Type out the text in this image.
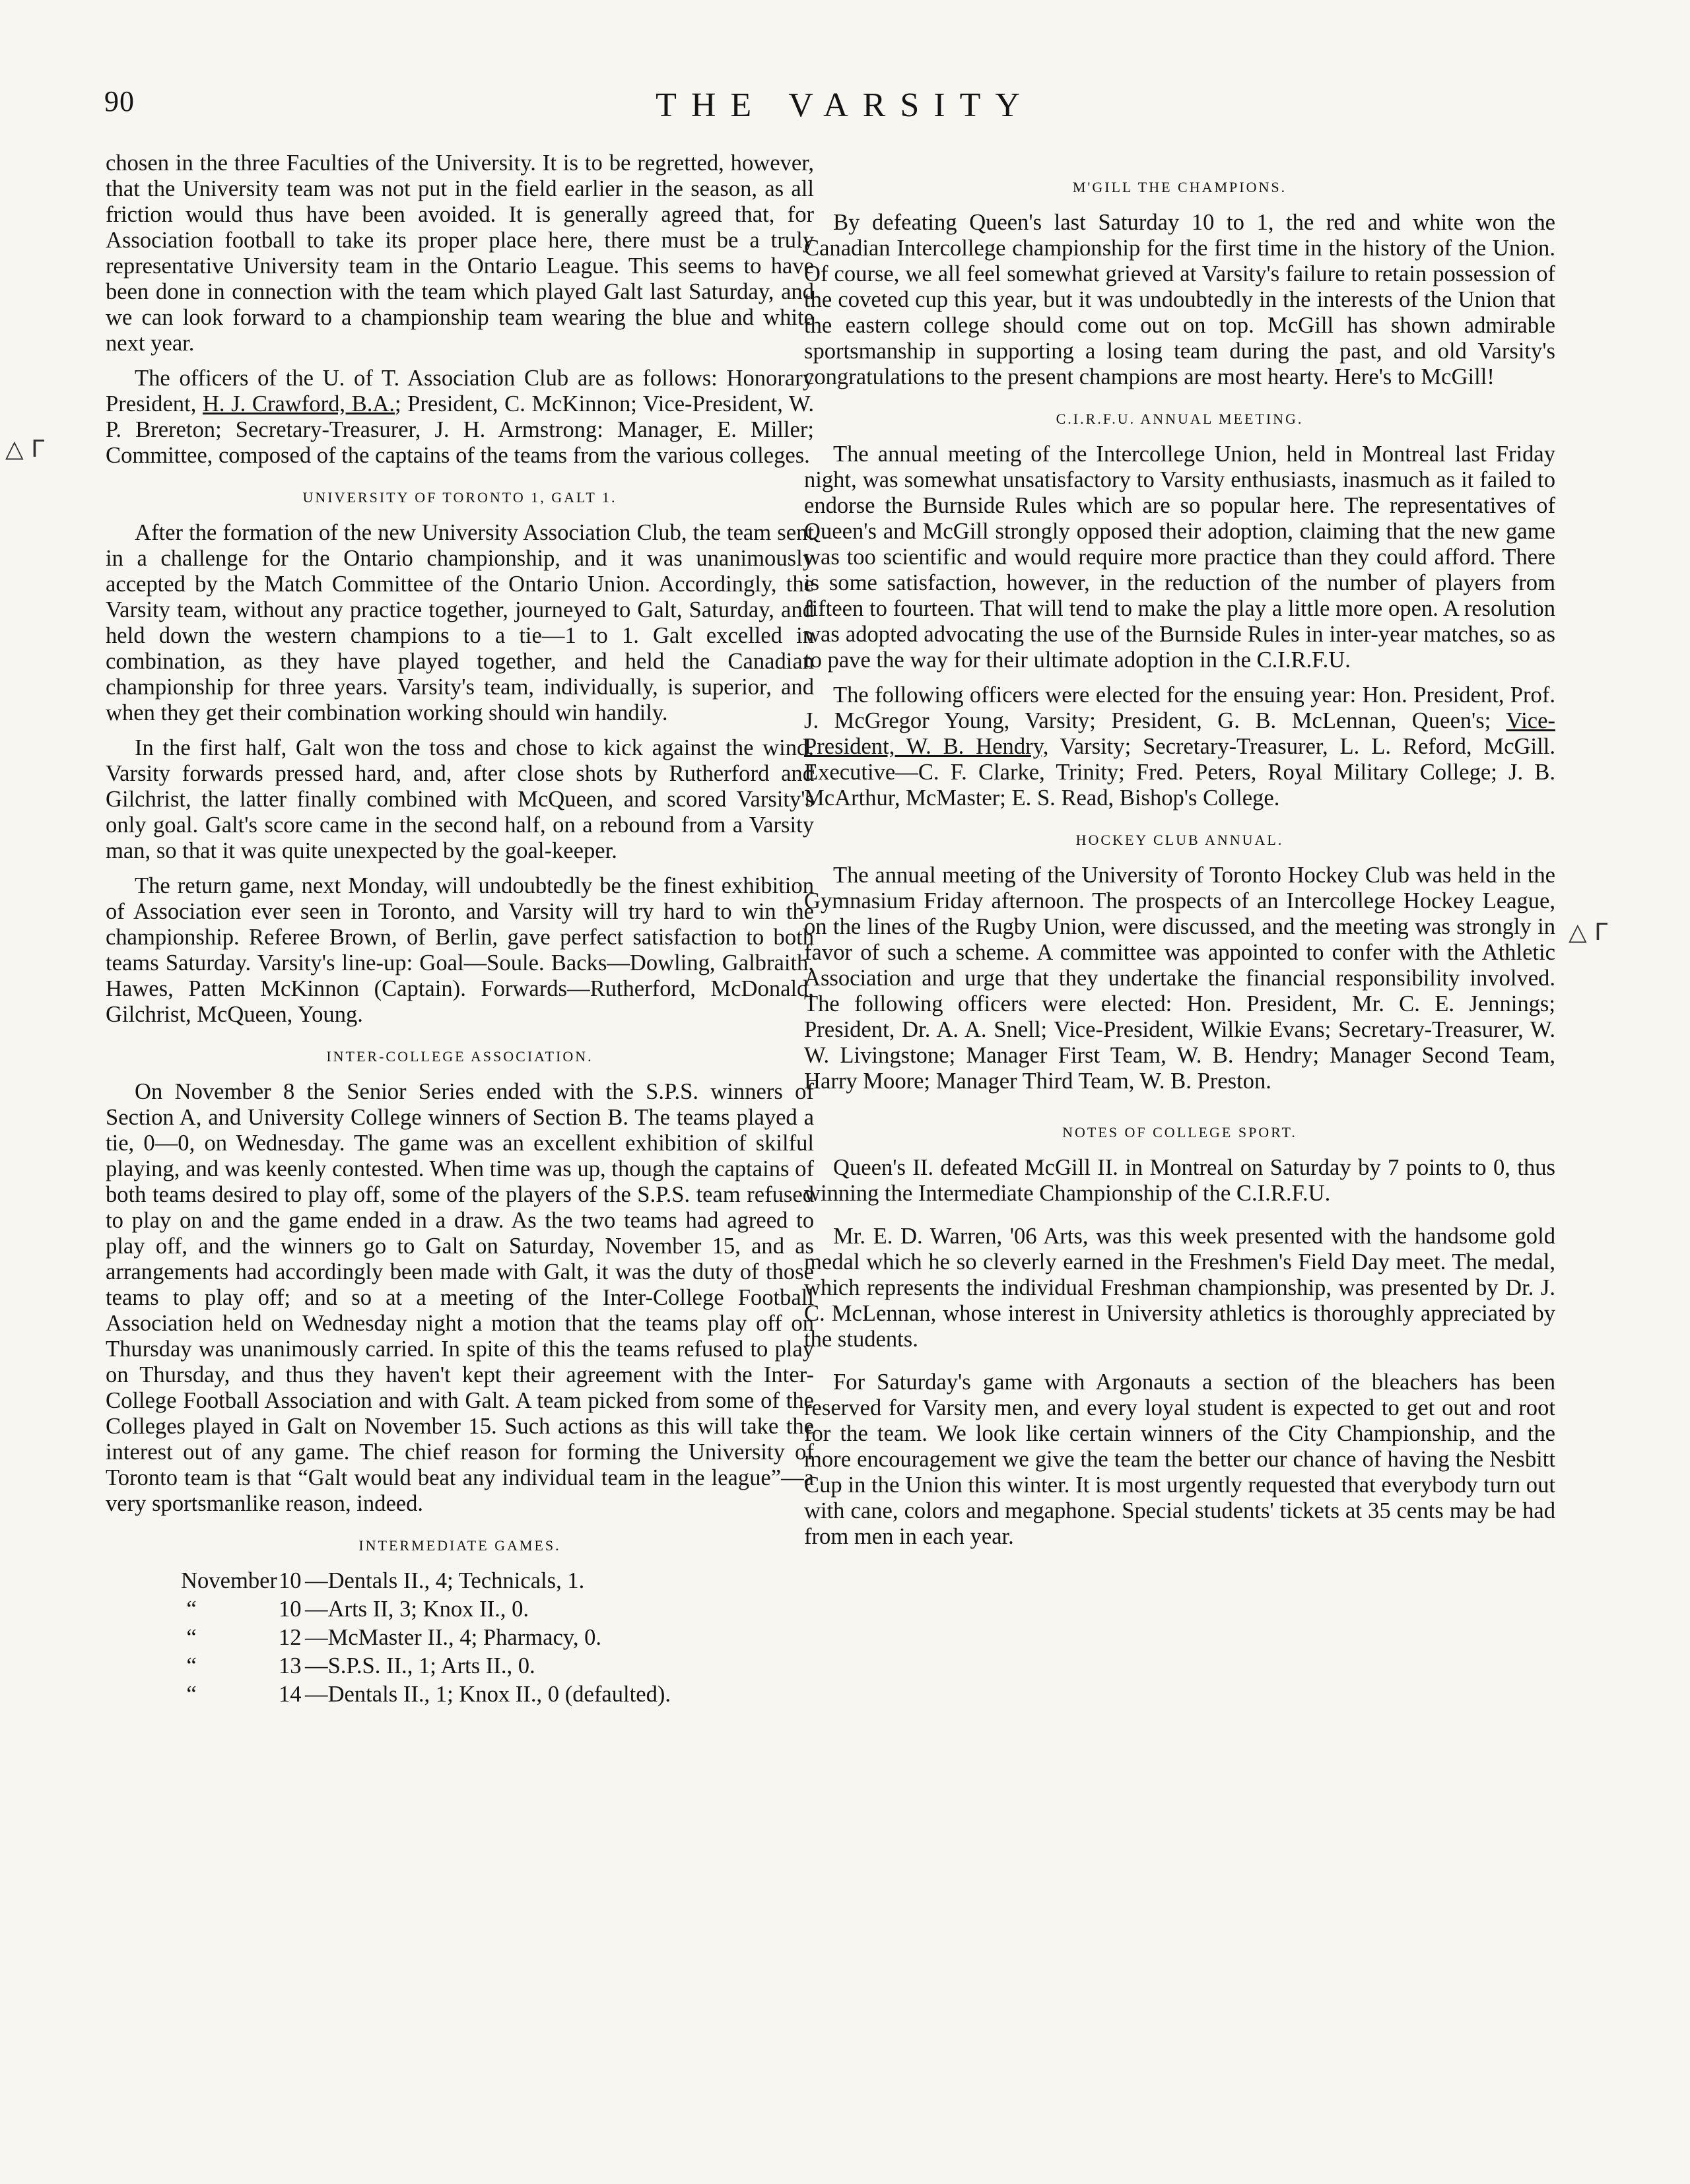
90	THE VARSITY
△ Γ
△ Γ

chosen in the three Faculties of the University. It is to be regretted, however, that the University team was not put in the field earlier in the season, as all friction would thus have been avoided. It is generally agreed that, for Association football to take its proper place here, there must be a truly representative University team in the Ontario League. This seems to have been done in connection with the team which played Galt last Saturday, and we can look forward to a championship team wearing the blue and white next year.

The officers of the U. of T. Association Club are as follows: Honorary President, H. J. Crawford, B.A.; President, C. McKinnon; Vice-President, W. P. Brereton; Secretary-Treasurer, J. H. Armstrong: Manager, E. Miller; Committee, composed of the captains of the teams from the various colleges.

UNIVERSITY OF TORONTO 1, GALT 1.

After the formation of the new University Association Club, the team sent in a challenge for the Ontario championship, and it was unanimously accepted by the Match Committee of the Ontario Union. Accordingly, the Varsity team, without any practice together, journeyed to Galt, Saturday, and held down the western champions to a tie—1 to 1. Galt excelled in combination, as they have played together, and held the Canadian championship for three years. Varsity's team, individually, is superior, and when they get their combination working should win handily.

In the first half, Galt won the toss and chose to kick against the wind. Varsity forwards pressed hard, and, after close shots by Rutherford and Gilchrist, the latter finally combined with McQueen, and scored Varsity's only goal. Galt's score came in the second half, on a rebound from a Varsity man, so that it was quite unexpected by the goal-keeper.

The return game, next Monday, will undoubtedly be the finest exhibition of Association ever seen in Toronto, and Varsity will try hard to win the championship. Referee Brown, of Berlin, gave perfect satisfaction to both teams Saturday. Varsity's line-up: Goal—Soule. Backs—Dowling, Galbraith, Hawes, Patten McKinnon (Captain). Forwards—Rutherford, McDonald, Gilchrist, McQueen, Young.

INTER-COLLEGE ASSOCIATION.

On November 8 the Senior Series ended with the S.P.S. winners of Section A, and University College winners of Section B. The teams played a tie, 0—0, on Wednesday. The game was an excellent exhibition of skilful playing, and was keenly contested. When time was up, though the captains of both teams desired to play off, some of the players of the S.P.S. team refused to play on and the game ended in a draw. As the two teams had agreed to play off, and the winners go to Galt on Saturday, November 15, and as arrangements had accordingly been made with Galt, it was the duty of those teams to play off; and so at a meeting of the Inter-College Football Association held on Wednesday night a motion that the teams play off on Thursday was unanimously carried. In spite of this the teams refused to play on Thursday, and thus they haven't kept their agreement with the Inter-College Football Association and with Galt. A team picked from some of the Colleges played in Galt on November 15. Such actions as this will take the interest out of any game. The chief reason for forming the University of Toronto team is that “Galt would beat any individual team in the league”—a very sportsmanlike reason, indeed.

INTERMEDIATE GAMES.
November 10 —Dentals II., 4; Technicals, 1.
“	10 —Arts II, 3; Knox II., 0.
“	12 —McMaster II., 4; Pharmacy, 0.
“	13 —S.P.S. II., 1; Arts II., 0.
“	14 —Dentals II., 1; Knox II., 0 (defaulted).
M'GILL THE CHAMPIONS.

By defeating Queen's last Saturday 10 to 1, the red and white won the Canadian Intercollege championship for the first time in the history of the Union. Of course, we all feel somewhat grieved at Varsity's failure to retain possession of the coveted cup this year, but it was undoubtedly in the interests of the Union that the eastern college should come out on top. McGill has shown admirable sportsmanship in supporting a losing team during the past, and old Varsity's congratulations to the present champions are most hearty. Here's to McGill!

C.I.R.F.U. ANNUAL MEETING.

The annual meeting of the Intercollege Union, held in Montreal last Friday night, was somewhat unsatisfactory to Varsity enthusiasts, inasmuch as it failed to endorse the Burnside Rules which are so popular here. The representatives of Queen's and McGill strongly opposed their adoption, claiming that the new game was too scientific and would require more practice than they could afford. There is some satisfaction, however, in the reduction of the number of players from fifteen to fourteen. That will tend to make the play a little more open. A resolution was adopted advocating the use of the Burnside Rules in inter-year matches, so as to pave the way for their ultimate adoption in the C.I.R.F.U.

The following officers were elected for the ensuing year: Hon. President, Prof. J. McGregor Young, Varsity; President, G. B. McLennan, Queen's; Vice-President, W. B. Hendry, Varsity; Secretary-Treasurer, L. L. Reford, McGill. Executive—C. F. Clarke, Trinity; Fred. Peters, Royal Military College; J. B. McArthur, McMaster; E. S. Read, Bishop's College.

HOCKEY CLUB ANNUAL.

The annual meeting of the University of Toronto Hockey Club was held in the Gymnasium Friday afternoon. The prospects of an Intercollege Hockey League, on the lines of the Rugby Union, were discussed, and the meeting was strongly in favor of such a scheme. A committee was appointed to confer with the Athletic Association and urge that they undertake the financial responsibility involved. The following officers were elected: Hon. President, Mr. C. E. Jennings; President, Dr. A. A. Snell; Vice-President, Wilkie Evans; Secretary-Treasurer, W. W. Livingstone; Manager First Team, W. B. Hendry; Manager Second Team, Harry Moore; Manager Third Team, W. B. Preston.

NOTES OF COLLEGE SPORT.

Queen's II. defeated McGill II. in Montreal on Saturday by 7 points to 0, thus winning the Intermediate Championship of the C.I.R.F.U.

Mr. E. D. Warren, '06 Arts, was this week presented with the handsome gold medal which he so cleverly earned in the Freshmen's Field Day meet. The medal, which represents the individual Freshman championship, was presented by Dr. J. C. McLennan, whose interest in University athletics is thoroughly appreciated by the students.

For Saturday's game with Argonauts a section of the bleachers has been reserved for Varsity men, and every loyal student is expected to get out and root for the team. We look like certain winners of the City Championship, and the more encouragement we give the team the better our chance of having the Nesbitt Cup in the Union this winter. It is most urgently requested that everybody turn out with cane, colors and megaphone. Special students' tickets at 35 cents may be had from men in each year.
